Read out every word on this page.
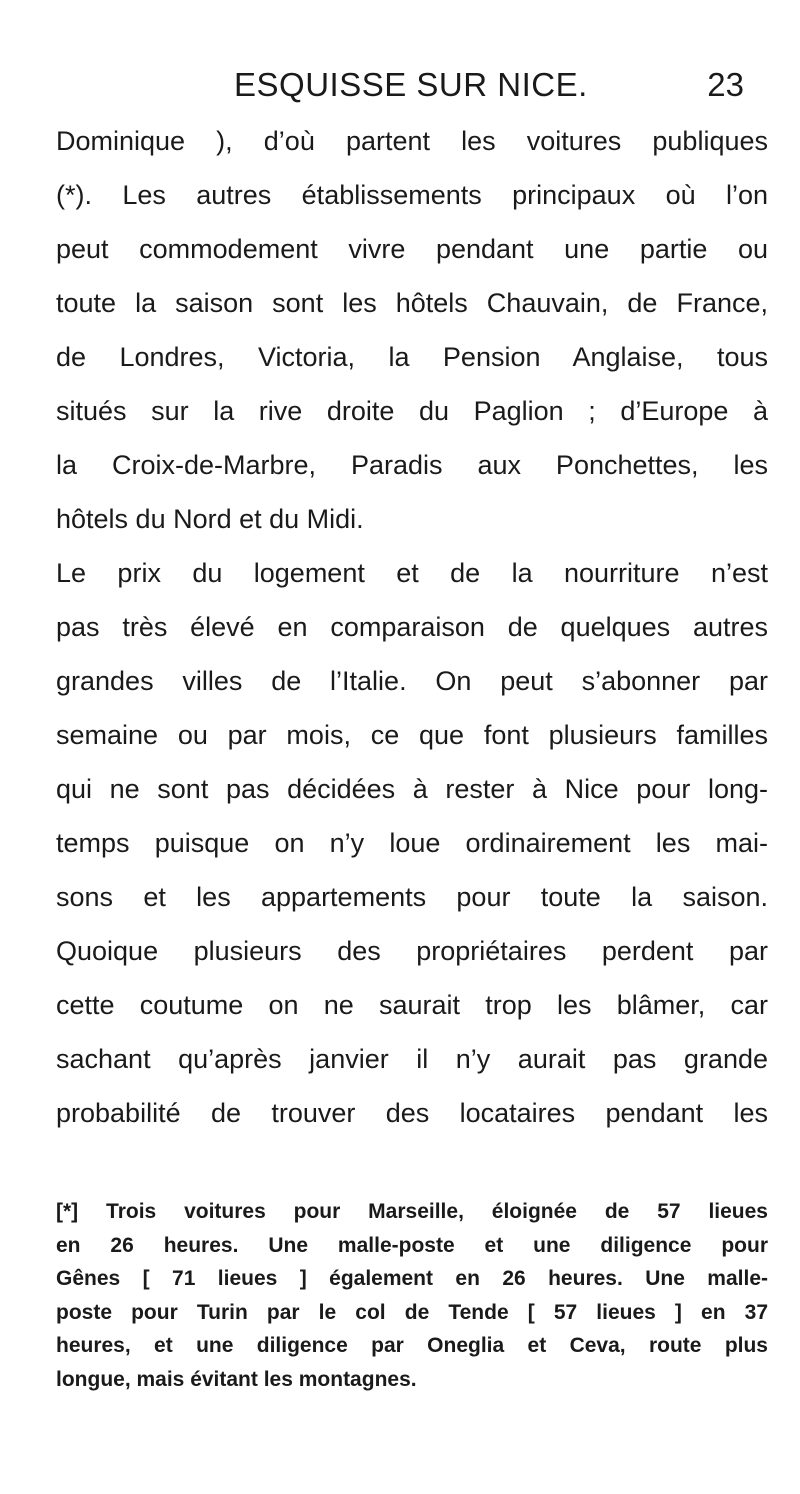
ESQUISSE SUR NICE.	23
Dominique ), d’où partent les voitures publiques
(*). Les autres établissements principaux où l’on
peut commodement vivre pendant une partie ou
toute la saison sont les hôtels Chauvain, de France,
de Londres, Victoria, la Pension Anglaise, tous
situés sur la rive droite du Paglion ; d’Europe à
la Croix-de-Marbre, Paradis aux Ponchettes, les
hôtels du Nord et du Midi.
Le prix du logement et de la nourriture n’est
pas très élevé en comparaison de quelques autres
grandes villes de l’Italie. On peut s’abonner par
semaine ou par mois, ce que font plusieurs familles
qui ne sont pas décidées à rester à Nice pour long-
temps puisque on n’y loue ordinairement les mai-
sons et les appartements pour toute la saison.
Quoique plusieurs des propriétaires perdent par
cette coutume on ne saurait trop les blâmer, car
sachant qu’après janvier il n’y aurait pas grande
probabilité de trouver des locataires pendant les
[*] Trois voitures pour Marseille, éloignée de 57 lieues
en 26 heures. Une malle-poste et une diligence pour
Gênes [ 71 lieues ] également en 26 heures. Une malle-
poste pour Turin par le col de Tende [ 57 lieues ] en 37
heures, et une diligence par Oneglia et Ceva, route plus
longue, mais évitant les montagnes.
